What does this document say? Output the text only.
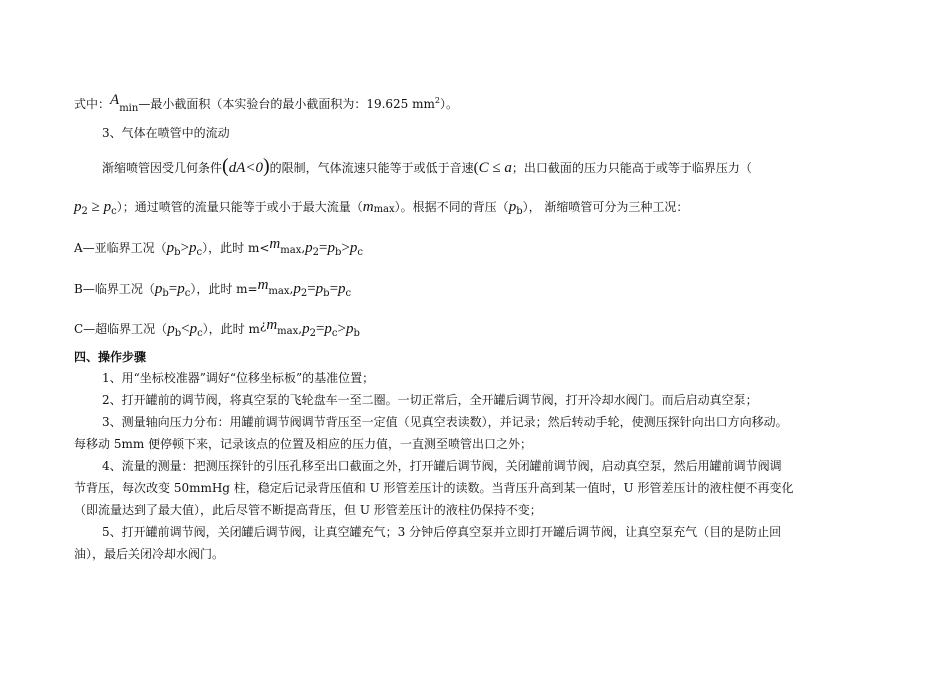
式中：$A_{min}—$最小截面积（本实验台的最小截面积为：19.625 $mm^2$）。
3、气体在喷管中的流动
渐缩喷管因受几何条件(dA<0)的限制，气体流速只能等于或低于音速(C ≤ a；出口截面的压力只能高于或等于临界压力（
$p_2 \ge p_c$）；通过喷管的流量只能等于或小于最大流量（mmax）。根据不同的背压$(p_b)$， 渐缩喷管可分为三种工况：
A—亚临界工况$(p_b>p_c)$，此时 $m<mmax,p_2=p_b>p_c$
B—临界工况$(p_b=p_c)$，此时 $m=mmax,p_2=p_b=p_c$
C—超临界工况$(p_b<p_c)$，此时 $m¿mmax,p_2=p_c>p_b$
四、操作步骤
1、用“坐标校准器”调好“位移坐标板”的基准位置；
2、打开罐前的调节阀，将真空泵的飞轮盘车一至二圈。一切正常后，全开罐后调节阀，打开冷却水阀门。而后启动真空泵；
3、测量轴向压力分布：用罐前调节阀调节背压至一定值（见真空表读数），并记录；然后转动手轮，使测压探针向出口方向移动。
每移动 5mm 便停顿下来，记录该点的位置及相应的压力值，一直测至喷管出口之外；
4、流量的测量：把测压探针的引压孔移至出口截面之外，打开罐后调节阀，关闭罐前调节阀，启动真空泵，然后用罐前调节阀调
节背压，每次改变 50mmHg 柱，稳定后记录背压值和 U 形管差压计的读数。当背压升高到某一值时，U 形管差压计的液柱便不再变化
（即流量达到了最大值），此后尽管不断提高背压，但 U 形管差压计的液柱仍保持不变；
5、打开罐前调节阀，关闭罐后调节阀，让真空罐充气；3 分钟后停真空泵并立即打开罐后调节阀，让真空泵充气（目的是防止回
油），最后关闭冷却水阀门。
